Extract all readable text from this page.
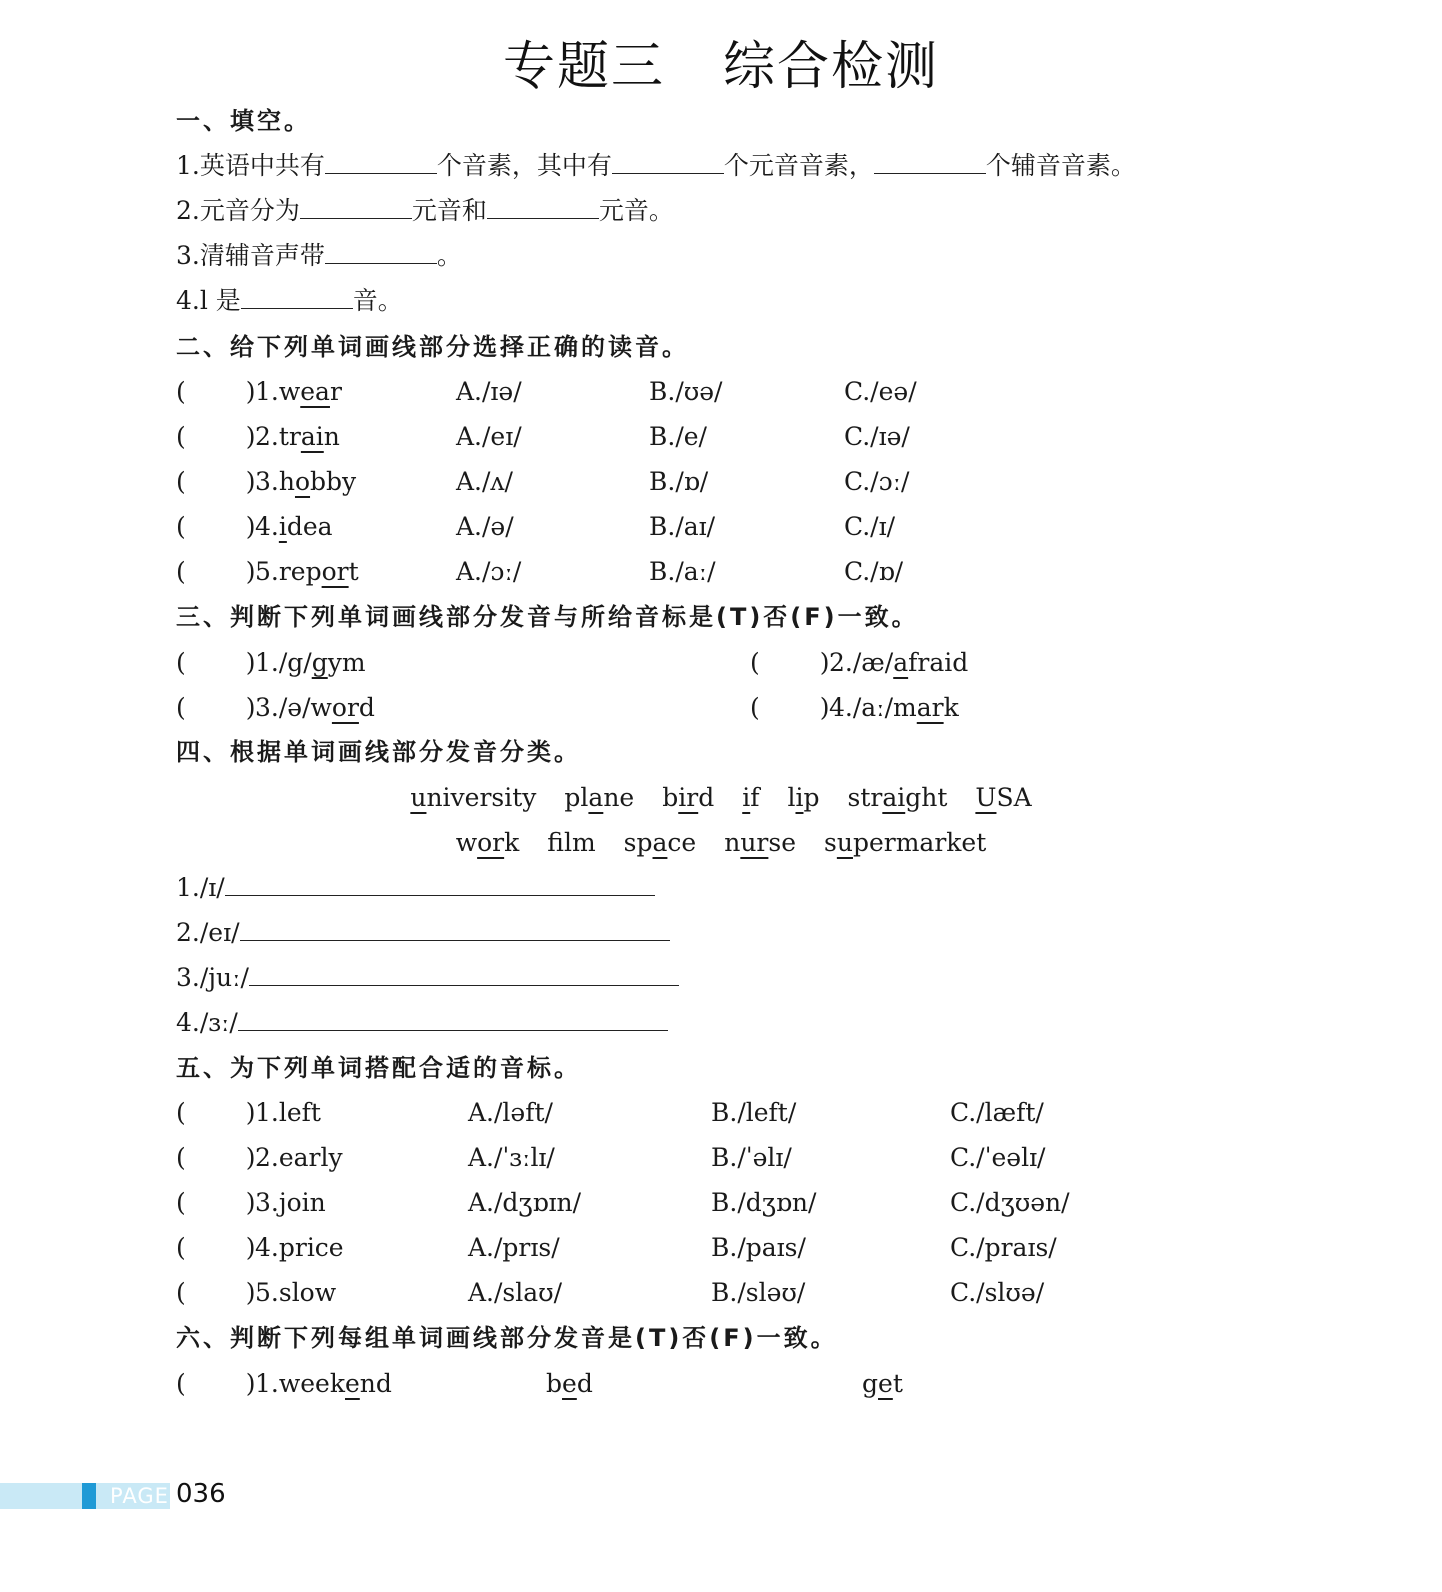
专题三 综合检测
一、填空。
1.英语中共有	个音素，其中有	个元音音素，	个辅音音素。
2.元音分为	元音和	元音。
3.清辅音声带	。
4.l 是	音。
二、给下列单词画线部分选择正确的读音。
( ) 1.wear	A./ɪə/	B./ʊə/	C./eə/
( ) 2.train	A./eɪ/	B./e/	C./ɪə/
( ) 3.hobby	A./ʌ/	B./ɒ/	C./ɔː/
( ) 4.idea	A./ə/	B./aɪ/	C./ɪ/
( ) 5.report	A./ɔː/	B./aː/	C./ɒ/
三、判断下列单词画线部分发音与所给音标是(T)否(F)一致。
( ) 1./g/gym	( ) 2./æ/afraid
( ) 3./ə/word	( ) 4./aː/mark
四、根据单词画线部分发音分类。
university plane bird if lip straight USA
work flm space nurse supermarket
1./ɪ/
2./eɪ/
3./juː/
4./ɜː/
五、为下列单词搭配合适的音标。
( ) 1.left	A./ləft/	B./left/	C./læft/
( ) 2.early	A./ˈɜːlɪ/	B./ˈəlɪ/	C./ˈeəlɪ/
( ) 3.join	A./dʒɒɪn/	B./dʒɒn/	C./dʒʊən/
( ) 4.price	A./prɪs/	B./paɪs/	C./praɪs/
( ) 5.slow	A./slaʊ/	B./sləʊ/	C./slʊə/
六、判断下列每组单词画线部分发音是(T)否(F)一致。
( ) 1.weekend	bed	get
PAGE 036
